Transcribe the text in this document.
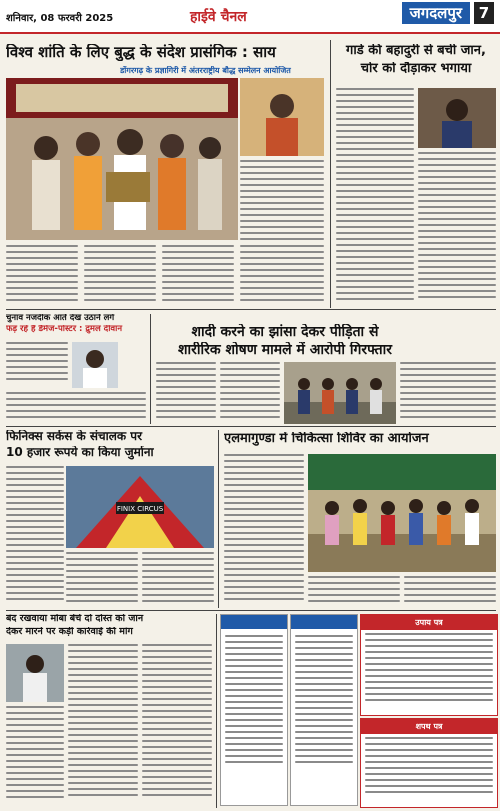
शनिवार, 08 फरवरी 2025	हाईवे चैनल	जगदलपुर	7
विश्व शांति के लिए बुद्ध के संदेश प्रासंगिक : साय
डोंगरगढ़ के प्रज्ञागिरी में अंतरराष्ट्रीय बौद्ध सम्मेलन आयोजित
गार्ड की बहादुरी से बची जान,
चोर को दौड़ाकर भगाया
चुनाव नजदीक आते देख उठाने लगे
फड़ रहे हैं डैमेज-पोस्टर : द्रुमल दीवान	शादी करने का झांसा देकर पीड़िता से
शारीरिक शोषण मामले में आरोपी गिरफ्तार
फिनिक्स सर्कस के संचालक पर
10 हजार रूपये का किया जुर्माना
FINIX CIRCUS
एलमागुण्डा में चिकित्सा शिविर का आयोजन
बंद रखवाया मोबा बेचे दो दोस्त को जान
देकर मारने पर कड़ी कार्रवाई की मांग
उपाय पत्र
शपथ पत्र
